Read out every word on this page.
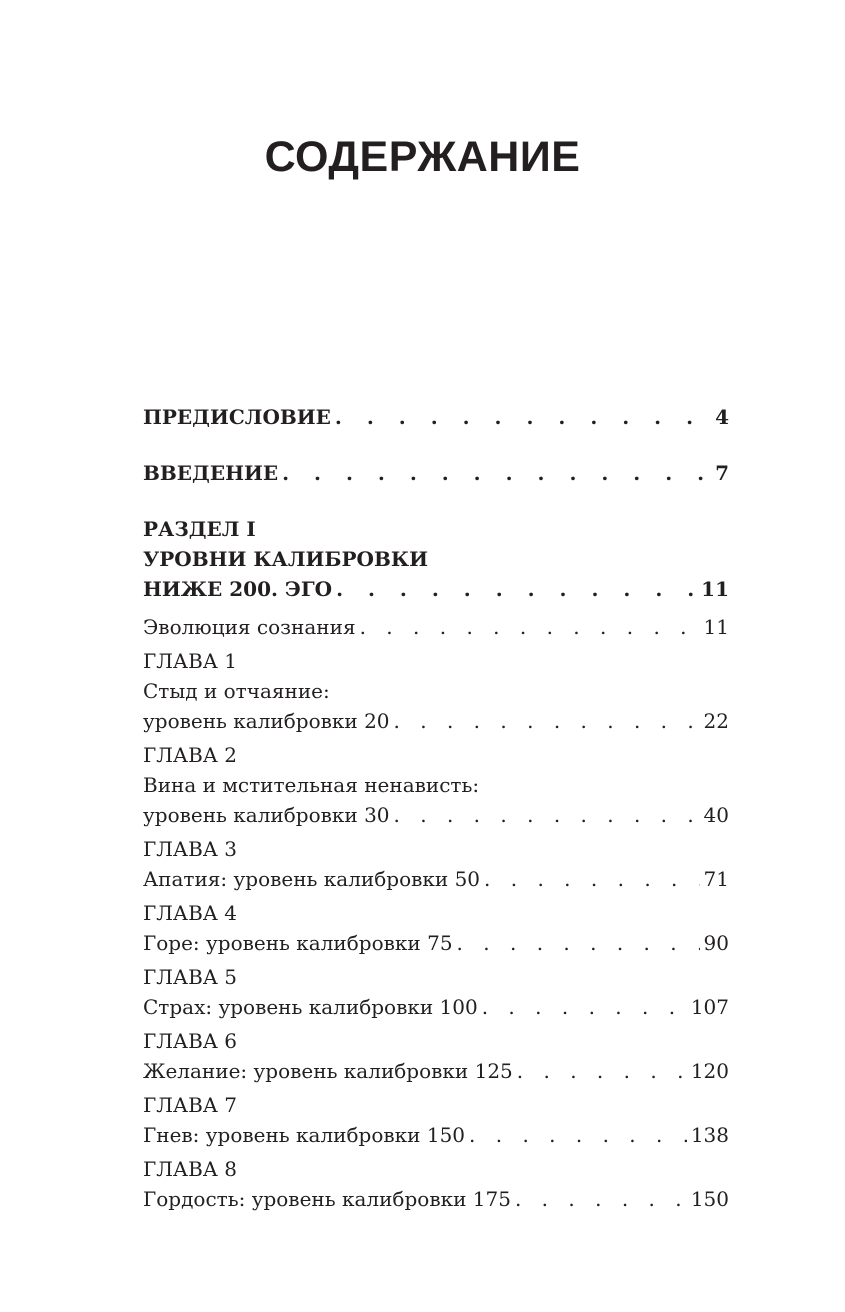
СОДЕРЖАНИЕ
ПРЕДИСЛОВИЕ . . .	4
ВВЕДЕНИЕ . . .	7
РАЗДЕЛ I
УРОВНИ КАЛИБРОВКИ
НИЖЕ 200. ЭГО . . .	11
Эволюция сознания . . .	11
ГЛАВА 1
Стыд и отчаяние:
уровень калибровки 20 . . .	22
ГЛАВА 2
Вина и мстительная ненависть:
уровень калибровки 30 . . .	40
ГЛАВА 3
Апатия: уровень калибровки 50 . . .	71
ГЛАВА 4
Горе: уровень калибровки 75 . . .	90
ГЛАВА 5
Страх: уровень калибровки 100 . . .	107
ГЛАВА 6
Желание: уровень калибровки 125 . . .	120
ГЛАВА 7
Гнев: уровень калибровки 150 . . .	138
ГЛАВА 8
Гордость: уровень калибровки 175 . . .	150
